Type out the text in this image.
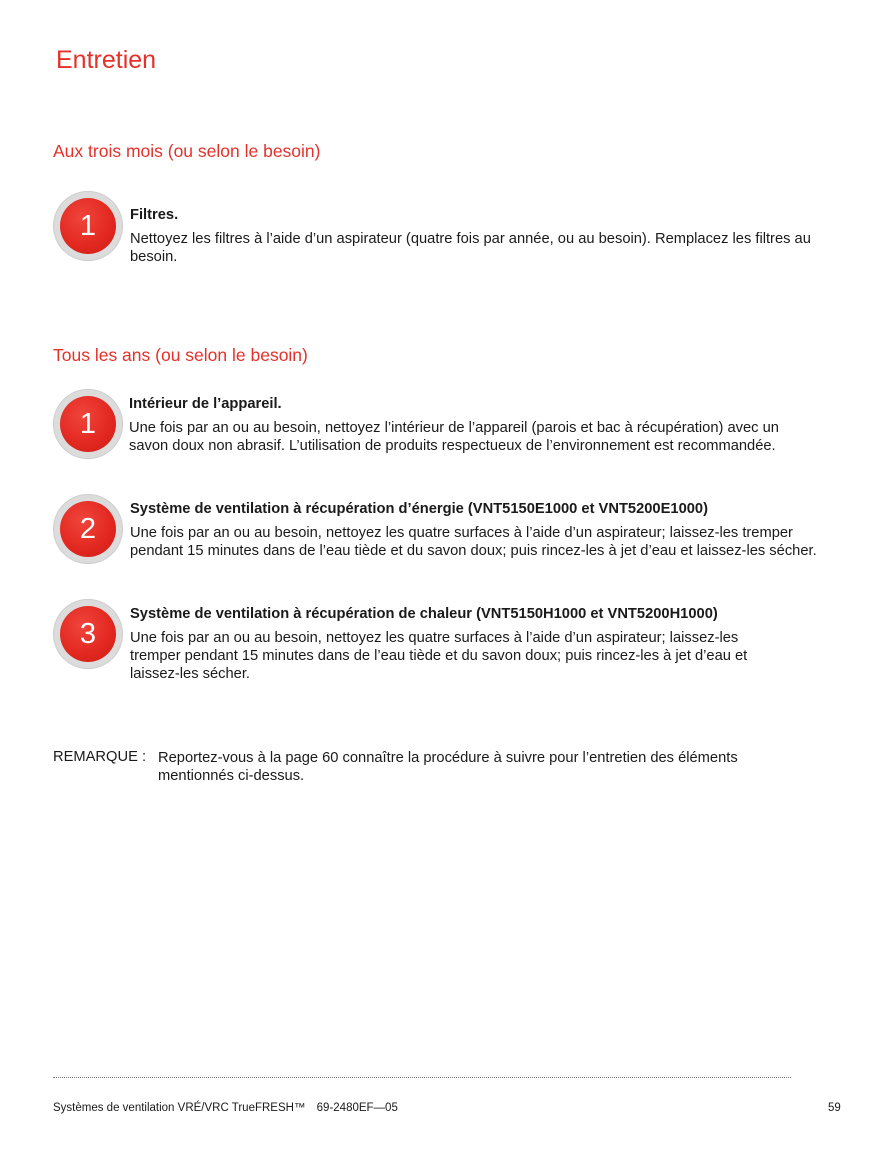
Entretien
Aux trois mois (ou selon le besoin)
1	Filtres.
Nettoyez les filtres à l’aide d’un aspirateur (quatre fois par année, ou au besoin). Remplacez les filtres au besoin.
Tous les ans (ou selon le besoin)
1
Intérieur de l’appareil.
Une fois par an ou au besoin, nettoyez l’intérieur de l’appareil (parois et bac à récupération) avec un savon doux non abrasif. L’utilisation de produits respectueux de l’environnement est recommandée.
2
Système de ventilation à récupération d’énergie (VNT5150E1000 et VNT5200E1000)
Une fois par an ou au besoin, nettoyez les quatre surfaces à l’aide d’un aspirateur; laissez-les tremper pendant 15 minutes dans de l’eau tiède et du savon doux; puis rincez-les à jet d’eau et laissez-les sécher.
3
Système de ventilation à récupération de chaleur (VNT5150H1000 et VNT5200H1000)
Une fois par an ou au besoin, nettoyez les quatre surfaces à l’aide d’un aspirateur; laissez-les tremper pendant 15 minutes dans de l’eau tiède et du savon doux; puis rincez-les à jet d’eau et laissez-les sécher.
REMARQUE : Reportez-vous à la page 60 connaître la procédure à suivre pour l’entretien des éléments mentionnés ci-dessus.
Systèmes de ventilation VRÉ/VRC TrueFRESH™ 69-2480EF—05	59
